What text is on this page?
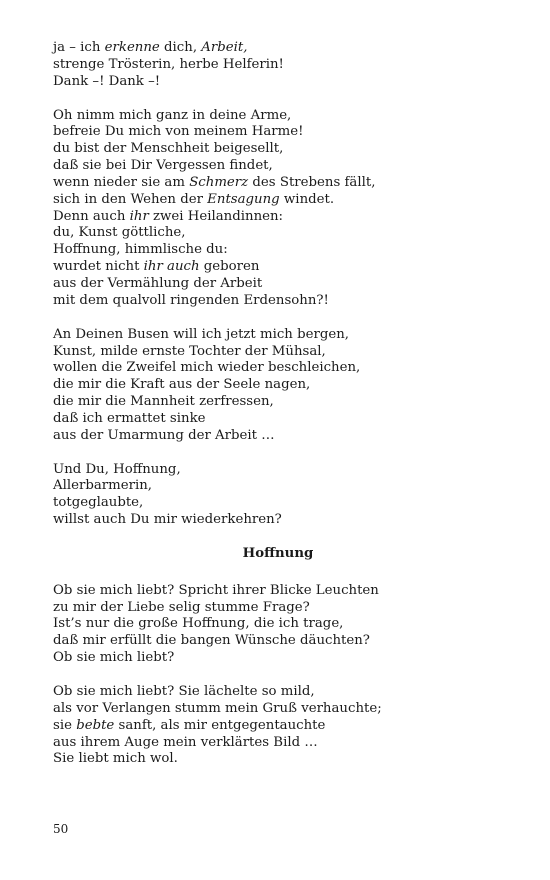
ja – ich erkenne dich, Arbeit,
strenge Trösterin, herbe Helferin!
Dank –! Dank –!
Oh nimm mich ganz in deine Arme,
befreie Du mich von meinem Harme!
du bist der Menschheit beigesellt,
daß sie bei Dir Vergessen findet,
wenn nieder sie am Schmerz des Strebens fällt,
sich in den Wehen der Entsagung windet.
Denn auch ihr zwei Heilandinnen:
du, Kunst göttliche,
Hoffnung, himmlische du:
wurdet nicht ihr auch geboren
aus der Vermählung der Arbeit
mit dem qualvoll ringenden Erdensohn?!
An Deinen Busen will ich jetzt mich bergen,
Kunst, milde ernste Tochter der Mühsal,
wollen die Zweifel mich wieder beschleichen,
die mir die Kraft aus der Seele nagen,
die mir die Mannheit zerfressen,
daß ich ermattet sinke
aus der Umarmung der Arbeit …
Und Du, Hoffnung,
Allerbarmerin,
totgeglaubte,
willst auch Du mir wiederkehren?
Hoffnung
Ob sie mich liebt? Spricht ihrer Blicke Leuchten
zu mir der Liebe selig stumme Frage?
Ist’s nur die große Hoffnung, die ich trage,
daß mir erfüllt die bangen Wünsche däuchten?
Ob sie mich liebt?
Ob sie mich liebt? Sie lächelte so mild,
als vor Verlangen stumm mein Gruß verhauchte;
sie bebte sanft, als mir entgegentauchte
aus ihrem Auge mein verklärtes Bild …
Sie liebt mich wol.
50
